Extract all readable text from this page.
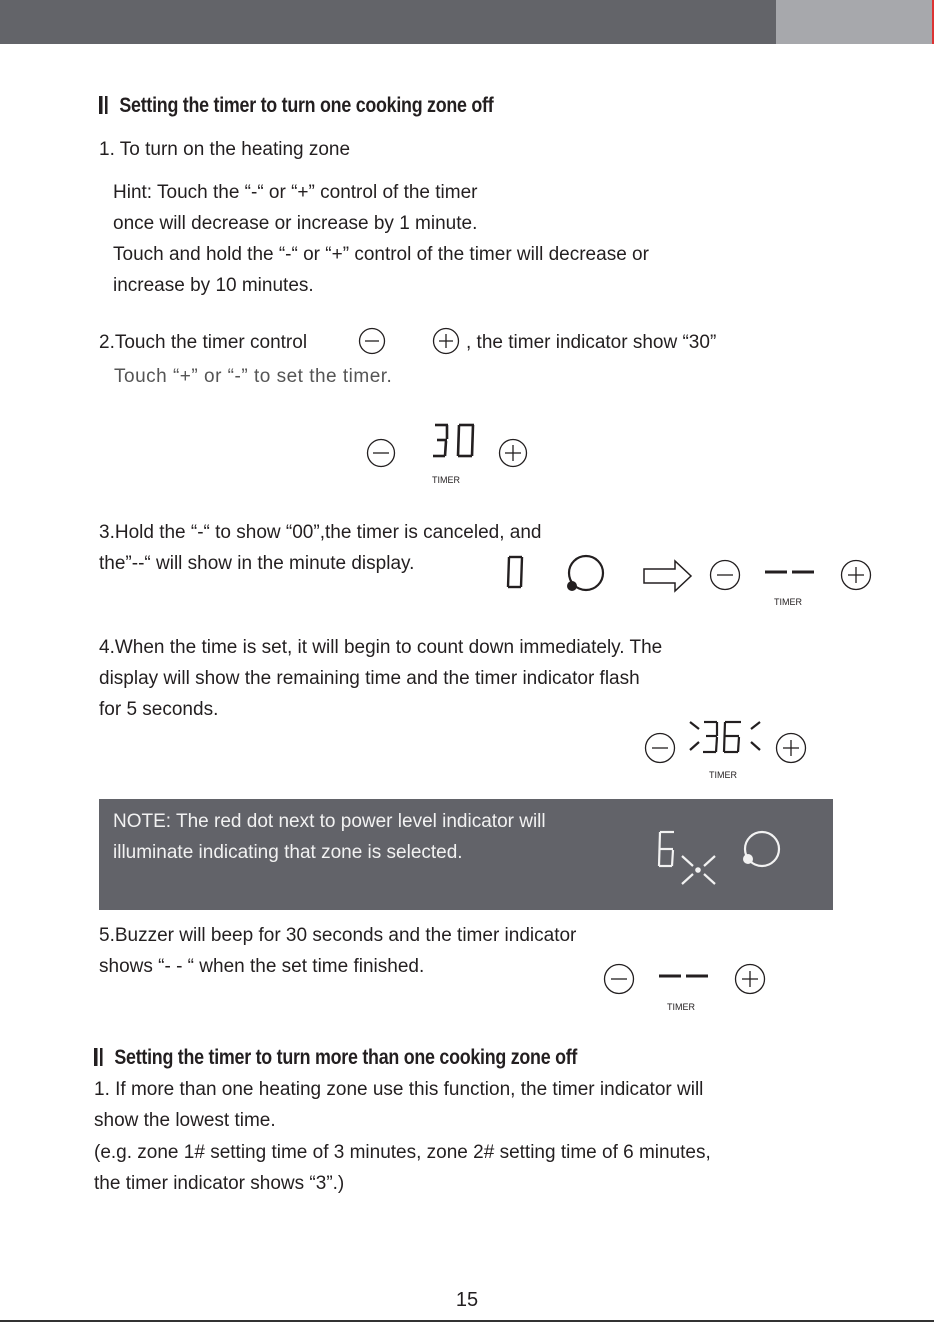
Setting the timer to turn one cooking zone off
1. To turn on the heating zone
Hint: Touch the “-“ or “+” control of the timer
once will decrease or increase by 1 minute.
Touch and hold the “-“ or “+” control of the timer will decrease or
increase by 10 minutes.
2.Touch the timer control	, the timer indicator show “30”
Touch “+” or “-” to set the timer.
TIMER
3.Hold the “-“ to show “00”,the timer is canceled, and
the”--“ will show in the minute display.
TIMER
4.When the time is set, it will begin to count down immediately. The
display will show the remaining time and the timer indicator flash
for 5 seconds.
TIMER
NOTE: The red dot next to power level indicator will
illuminate indicating that zone is selected.
5.Buzzer will beep for 30 seconds and the timer indicator
shows “- - “ when the set time finished.
TIMER
Setting the timer to turn more than one cooking zone off
1. If more than one heating zone use this function, the timer indicator will
show the lowest time.
(e.g. zone 1# setting time of 3 minutes, zone 2# setting time of 6 minutes,
the timer indicator shows “3”.)
15
